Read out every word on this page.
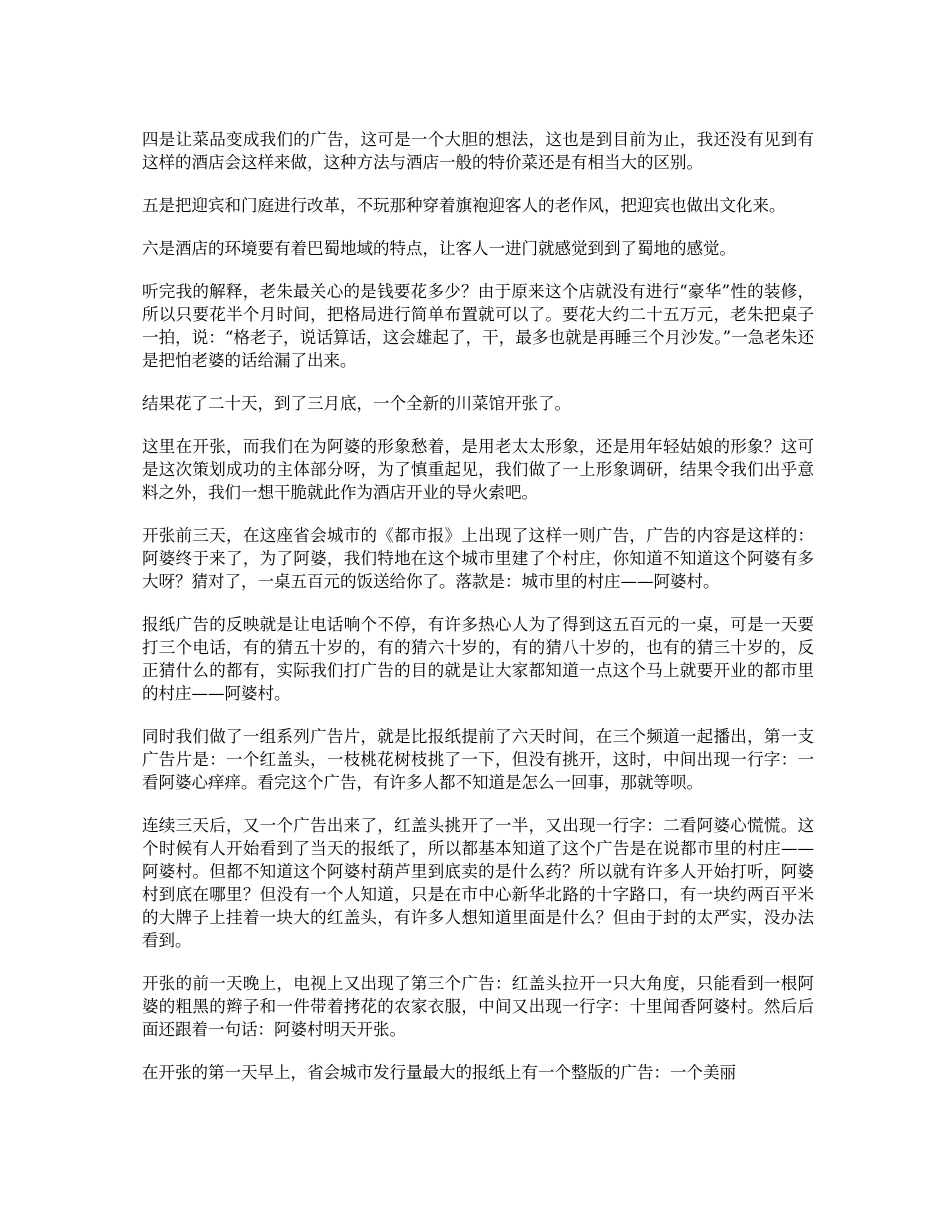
四是让菜品变成我们的广告，这可是一个大胆的想法，这也是到目前为止，我还没有见到有这样的酒店会这样来做，这种方法与酒店一般的特价菜还是有相当大的区别。

五是把迎宾和门庭进行改革，不玩那种穿着旗袍迎客人的老作风，把迎宾也做出文化来。

六是酒店的环境要有着巴蜀地域的特点，让客人一进门就感觉到到了蜀地的感觉。

听完我的解释，老朱最关心的是钱要花多少？由于原来这个店就没有进行“豪华”性的装修，所以只要花半个月时间，把格局进行简单布置就可以了。要花大约二十五万元，老朱把桌子一拍，说：“格老子，说话算话，这会雄起了，干，最多也就是再睡三个月沙发。”一急老朱还是把怕老婆的话给漏了出来。

结果花了二十天，到了三月底，一个全新的川菜馆开张了。

这里在开张，而我们在为阿婆的形象愁着，是用老太太形象，还是用年轻姑娘的形象？这可是这次策划成功的主体部分呀，为了慎重起见，我们做了一上形象调研，结果令我们出乎意料之外，我们一想干脆就此作为酒店开业的导火索吧。

开张前三天，在这座省会城市的《都市报》上出现了这样一则广告，广告的内容是这样的：阿婆终于来了，为了阿婆，我们特地在这个城市里建了个村庄，你知道不知道这个阿婆有多大呀？猜对了，一桌五百元的饭送给你了。落款是：城市里的村庄——阿婆村。

报纸广告的反映就是让电话响个不停，有许多热心人为了得到这五百元的一桌，可是一天要打三个电话，有的猜五十岁的，有的猜六十岁的，有的猜八十岁的，也有的猜三十岁的，反正猜什么的都有，实际我们打广告的目的就是让大家都知道一点这个马上就要开业的都市里的村庄——阿婆村。

同时我们做了一组系列广告片，就是比报纸提前了六天时间，在三个频道一起播出，第一支广告片是：一个红盖头，一枝桃花树枝挑了一下，但没有挑开，这时，中间出现一行字：一看阿婆心痒痒。看完这个广告，有许多人都不知道是怎么一回事，那就等呗。

连续三天后，又一个广告出来了，红盖头挑开了一半，又出现一行字：二看阿婆心慌慌。这个时候有人开始看到了当天的报纸了，所以都基本知道了这个广告是在说都市里的村庄——阿婆村。但都不知道这个阿婆村葫芦里到底卖的是什么药？所以就有许多人开始打听，阿婆村到底在哪里？但没有一个人知道，只是在市中心新华北路的十字路口，有一块约两百平米的大牌子上挂着一块大的红盖头，有许多人想知道里面是什么？但由于封的太严实，没办法看到。

开张的前一天晚上，电视上又出现了第三个广告：红盖头拉开一只大角度，只能看到一根阿婆的粗黑的辫子和一件带着拷花的农家衣服，中间又出现一行字：十里闻香阿婆村。然后后面还跟着一句话：阿婆村明天开张。

在开张的第一天早上，省会城市发行量最大的报纸上有一个整版的广告：一个美丽
